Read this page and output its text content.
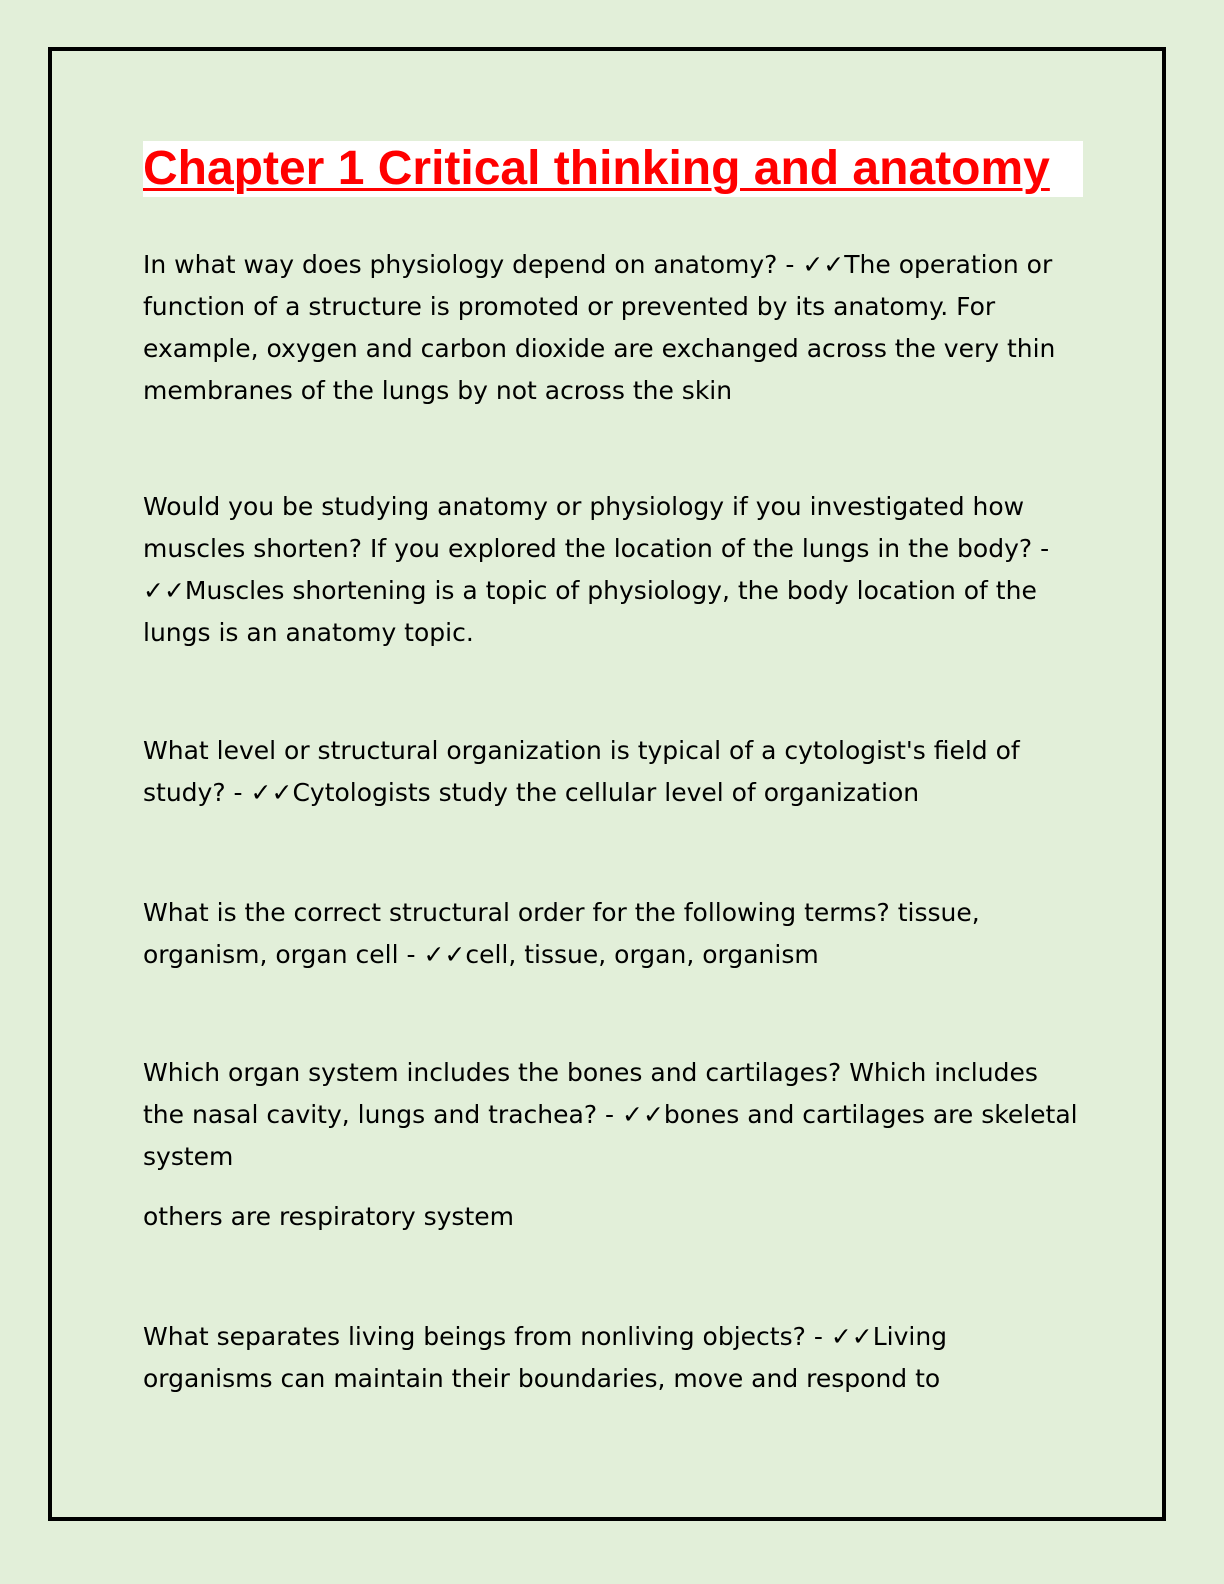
Chapter 1 Critical thinking and anatomy

In what way does physiology depend on anatomy? - ✓✓The operation or function of a structure is promoted or prevented by its anatomy. For example, oxygen and carbon dioxide are exchanged across the very thin membranes of the lungs by not across the skin

Would you be studying anatomy or physiology if you investigated how muscles shorten? If you explored the location of the lungs in the body? - ✓✓Muscles shortening is a topic of physiology, the body location of the lungs is an anatomy topic.

What level or structural organization is typical of a cytologist's field of study? - ✓✓Cytologists study the cellular level of organization

What is the correct structural order for the following terms? tissue, organism, organ cell - ✓✓cell, tissue, organ, organism

Which organ system includes the bones and cartilages? Which includes the nasal cavity, lungs and trachea? - ✓✓bones and cartilages are skeletal system

others are respiratory system

What separates living beings from nonliving objects? - ✓✓Living organisms can maintain their boundaries, move and respond to
